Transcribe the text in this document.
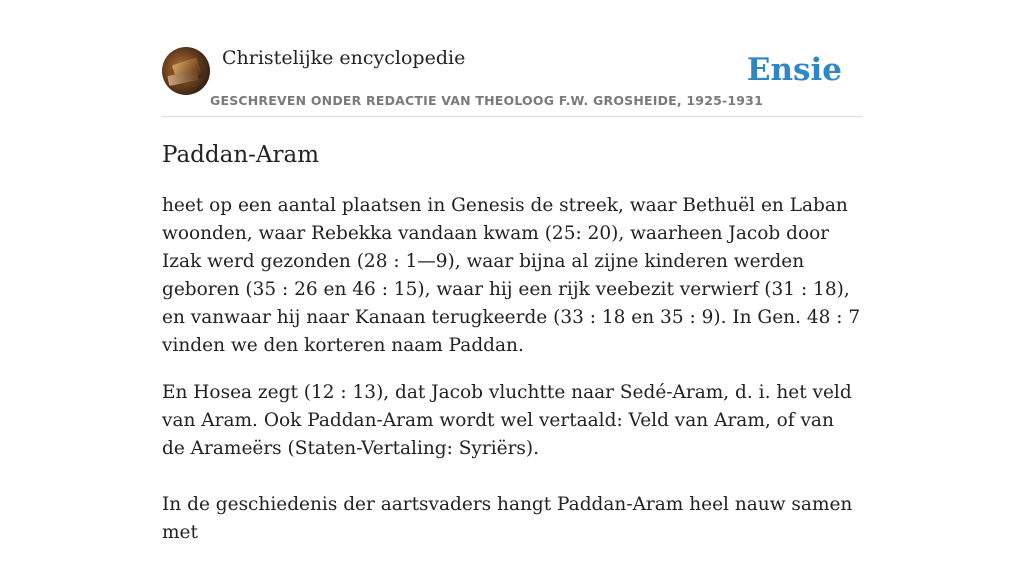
Christelijke encyclopedie
GESCHREVEN ONDER REDACTIE VAN THEOLOOG F.W. GROSHEIDE, 1925-1931
Ensie
Paddan-Aram

heet op een aantal plaatsen in Genesis de streek, waar Bethuël en Laban woonden, waar Rebekka vandaan kwam (25: 20), waarheen Jacob door Izak werd gezonden (28 : 1—9), waar bijna al zijne kinderen werden geboren (35 : 26 en 46 : 15), waar hij een rijk veebezit verwierf (31 : 18), en vanwaar hij naar Kanaan terugkeerde (33 : 18 en 35 : 9). In Gen. 48 : 7 vinden we den korteren naam Paddan.

En Hosea zegt (12 : 13), dat Jacob vluchtte naar Sedé-Aram, d. i. het veld van Aram. Ook Paddan-Aram wordt wel vertaald: Veld van Aram, of van de Arameërs (Staten-Vertaling: Syriërs).

In de geschiedenis der aartsvaders hangt Paddan-Aram heel nauw samen met
